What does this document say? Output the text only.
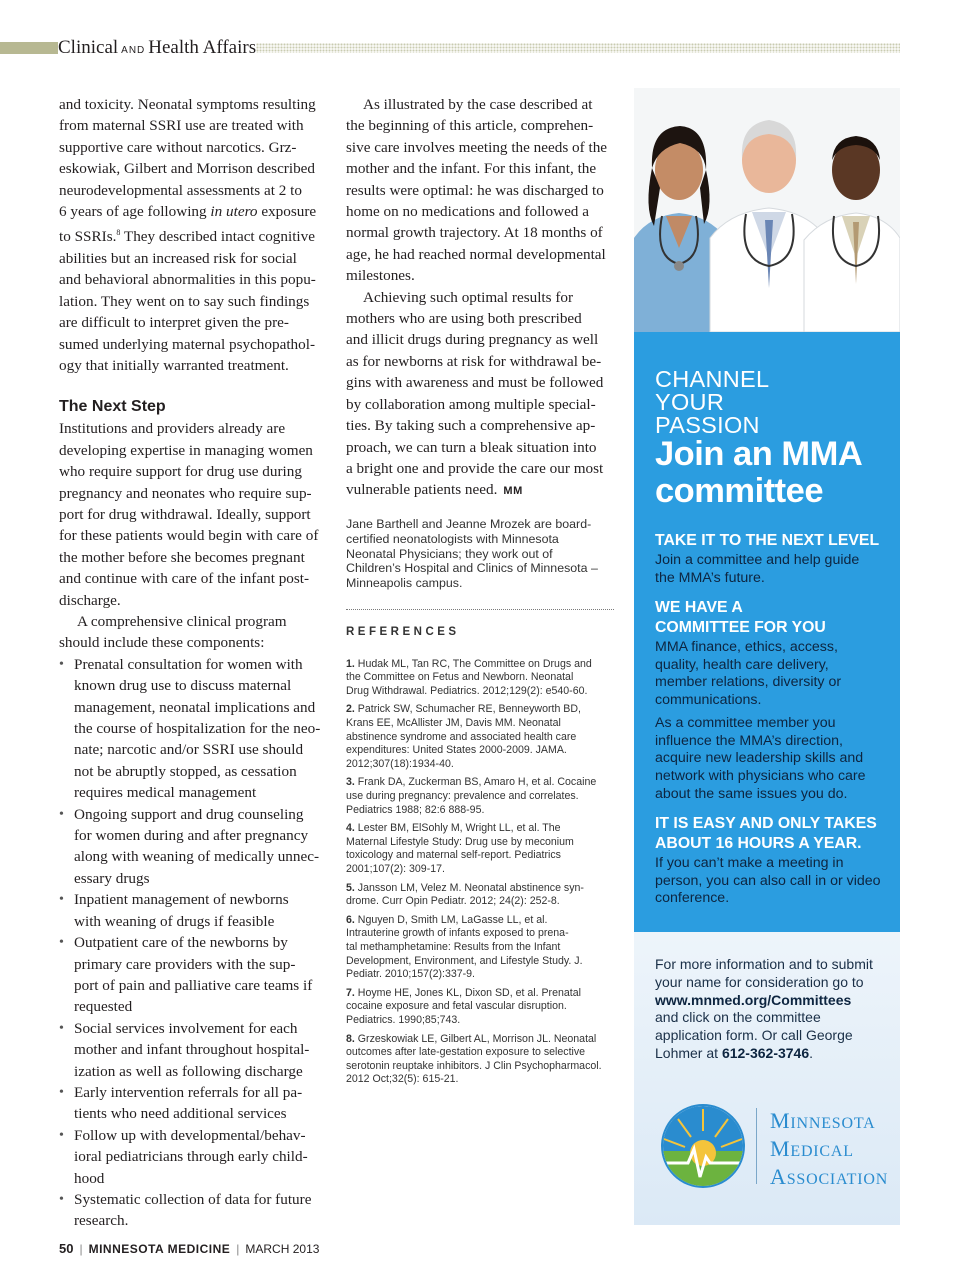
Clinical AND Health Affairs

and toxicity. Neonatal symptoms resulting
from maternal SSRI use are treated with
supportive care without narcotics. Grz-
eskowiak, Gilbert and Morrison described
neurodevelopmental assessments at 2 to
6 years of age following in utero exposure
to SSRIs.$^8$ They described intact cognitive
abilities but an increased risk for social
and behavioral abnormalities in this popu-
lation. They went on to say such findings
are difficult to interpret given the pre-
sumed underlying maternal psychopathol-
ogy that initially warranted treatment.

The Next Step

Institutions and providers already are
developing expertise in managing women
who require support for drug use during
pregnancy and neonates who require sup-
port for drug withdrawal. Ideally, support
for these patients would begin with care of
the mother before she becomes pregnant
and continue with care of the infant post-
discharge.

A comprehensive clinical program
should include these components:

• Prenatal consultation for women with
known drug use to discuss maternal
management, neonatal implications and
the course of hospitalization for the neo-
nate; narcotic and/or SSRI use should
not be abruptly stopped, as cessation
requires medical management
• Ongoing support and drug counseling
for women during and after pregnancy
along with weaning of medically unnec-
essary drugs
• Inpatient management of newborns
with weaning of drugs if feasible
• Outpatient care of the newborns by
primary care providers with the sup-
port of pain and palliative care teams if
requested
• Social services involvement for each
mother and infant throughout hospital-
ization as well as following discharge
• Early intervention referrals for all pa-
tients who need additional services
• Follow up with developmental/behav-
ioral pediatricians through early child-
hood
• Systematic collection of data for future
research.

As illustrated by the case described at
the beginning of this article, comprehen-
sive care involves meeting the needs of the
mother and the infant. For this infant, the
results were optimal: he was discharged to
home on no medications and followed a
normal growth trajectory. At 18 months of
age, he had reached normal developmental
milestones.

Achieving such optimal results for
mothers who are using both prescribed
and illicit drugs during pregnancy as well
as for newborns at risk for withdrawal be-
gins with awareness and must be followed
by collaboration among multiple special-
ties. By taking such a comprehensive ap-
proach, we can turn a bleak situation into
a bright one and provide the care our most
vulnerable patients need. MM

Jane Barthell and Jeanne Mrozek are board-
certified neonatologists with Minnesota
Neonatal Physicians; they work out of
Children’s Hospital and Clinics of Minnesota –
Minneapolis campus.
REFERENCES
1. Hudak ML, Tan RC, The Committee on Drugs and
the Committee on Fetus and Newborn. Neonatal
Drug Withdrawal. Pediatrics. 2012;129(2): e540-60.
2. Patrick SW, Schumacher RE, Benneyworth BD,
Krans EE, McAllister JM, Davis MM. Neonatal
abstinence syndrome and associated health care
expenditures: United States 2000-2009. JAMA.
2012;307(18):1934-40.
3. Frank DA, Zuckerman BS, Amaro H, et al. Cocaine
use during pregnancy: prevalence and correlates.
Pediatrics 1988; 82:6 888-95.
4. Lester BM, ElSohly M, Wright LL, et al. The
Maternal Lifestyle Study: Drug use by meconium
toxicology and maternal self-report. Pediatrics
2001;107(2): 309-17.
5. Jansson LM, Velez M. Neonatal abstinence syn-
drome. Curr Opin Pediatr. 2012; 24(2): 252-8.
6. Nguyen D, Smith LM, LaGasse LL, et al.
Intrauterine growth of infants exposed to prena-
tal methamphetamine: Results from the Infant
Development, Environment, and Lifestyle Study. J.
Pediatr. 2010;157(2):337-9.
7. Hoyme HE, Jones KL, Dixon SD, et al. Prenatal
cocaine exposure and fetal vascular disruption.
Pediatrics. 1990;85;743.
8. Grzeskowiak LE, Gilbert AL, Morrison JL. Neonatal
outcomes after late-gestation exposure to selective
serotonin reuptake inhibitors. J Clin Psychopharmacol.
2012 Oct;32(5): 615-21.
CHANNEL
YOUR
PASSION
Join an MMA
committee
TAKE IT TO THE NEXT LEVEL
Join a committee and help guide
the MMA’s future.
WE HAVE A
COMMITTEE FOR YOU
MMA finance, ethics, access,
quality, health care delivery,
member relations, diversity or
communications.
As a committee member you
influence the MMA’s direction,
acquire new leadership skills and
network with physicians who care
about the same issues you do.
IT IS EASY AND ONLY TAKES
ABOUT 16 HOURS A YEAR.
If you can’t make a meeting in
person, you can also call in or video
conference.
For more information and to submit
your name for consideration go to
www.mnmed.org/Committees
and click on the committee
application form. Or call George
Lohmer at 612-362-3746.
MINNESOTA
MEDICAL
ASSOCIATION
50 | MINNESOTA MEDICINE | MARCH 2013
